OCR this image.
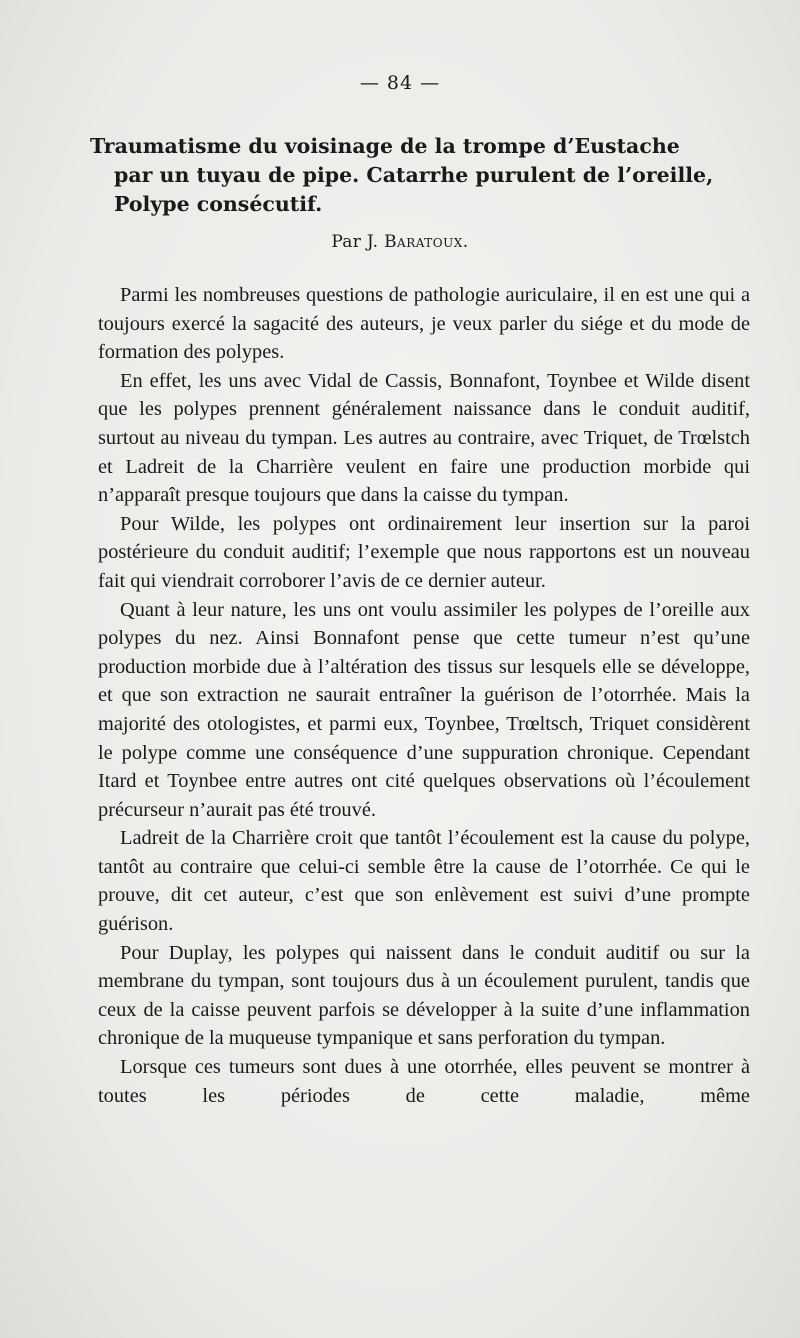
— 84 —
Traumatisme du voisinage de la trompe d’Eustache
par un tuyau de pipe. Catarrhe purulent de l’oreille,
Polype consécutif.
Par J. Baratoux.

Parmi les nombreuses questions de pathologie auriculaire, il en est une qui a toujours exercé la sagacité des auteurs, je veux parler du siége et du mode de formation des polypes.

En effet, les uns avec Vidal de Cassis, Bonnafont, Toynbee et Wilde disent que les polypes prennent généralement naissance dans le conduit auditif, surtout au niveau du tympan. Les autres au contraire, avec Triquet, de Trœlstch et Ladreit de la Charrière veulent en faire une production morbide qui n’apparaît presque toujours que dans la caisse du tympan.

Pour Wilde, les polypes ont ordinairement leur insertion sur la paroi postérieure du conduit auditif; l’exemple que nous rapportons est un nouveau fait qui viendrait corroborer l’avis de ce dernier auteur.

Quant à leur nature, les uns ont voulu assimiler les polypes de l’oreille aux polypes du nez. Ainsi Bonnafont pense que cette tumeur n’est qu’une production morbide due à l’altération des tissus sur lesquels elle se développe, et que son extraction ne saurait entraîner la guérison de l’otorrhée. Mais la majorité des otologistes, et parmi eux, Toynbee, Trœltsch, Triquet considèrent le polype comme une conséquence d’une suppuration chronique. Cependant Itard et Toynbee entre autres ont cité quelques observations où l’écoulement précurseur n’aurait pas été trouvé.

Ladreit de la Charrière croit que tantôt l’écoulement est la cause du polype, tantôt au contraire que celui-ci semble être la cause de l’otorrhée. Ce qui le prouve, dit cet auteur, c’est que son enlèvement est suivi d’une prompte guérison.

Pour Duplay, les polypes qui naissent dans le conduit auditif ou sur la membrane du tympan, sont toujours dus à un écoulement purulent, tandis que ceux de la caisse peuvent parfois se développer à la suite d’une inflammation chronique de la muqueuse tympanique et sans perforation du tympan.

Lorsque ces tumeurs sont dues à une otorrhée, elles peuvent se montrer à toutes les périodes de cette maladie, même
